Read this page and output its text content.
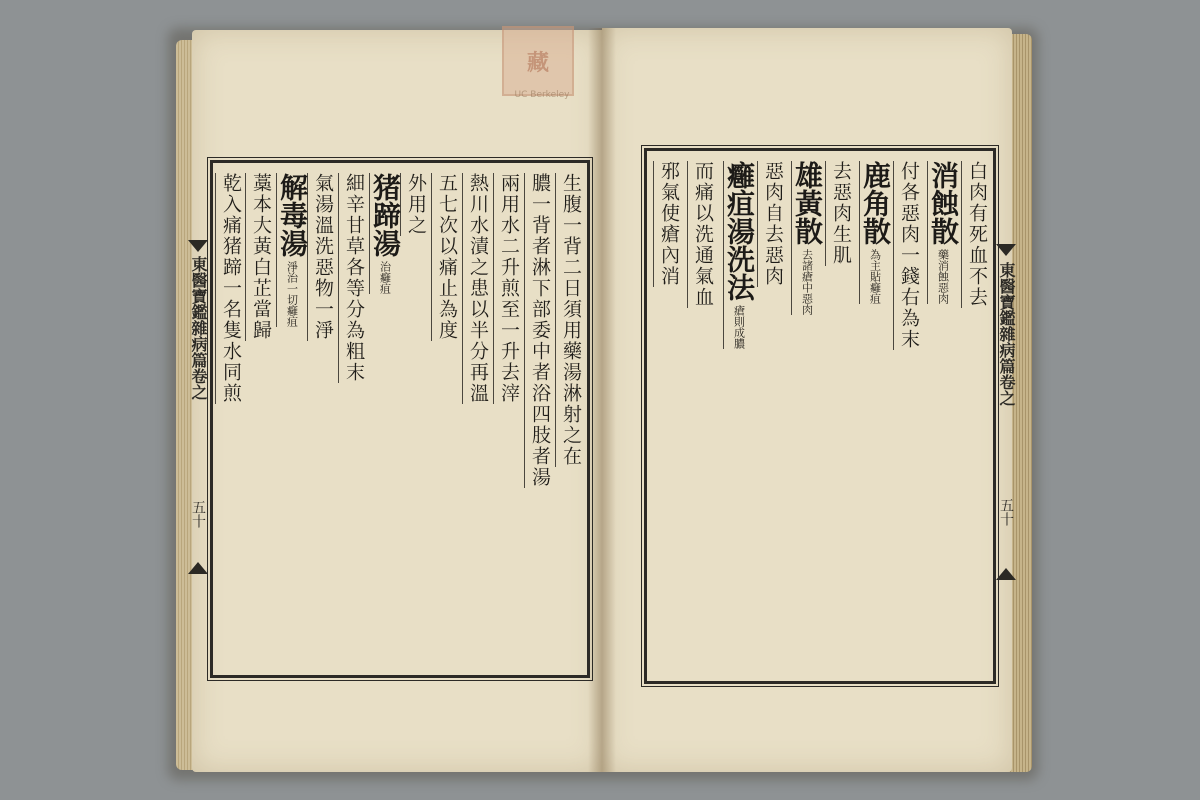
藏
UC Berkeley
東醫寶鑑雜病篇卷之	東醫寶鑑雜病篇卷之
五十	五十
生腹一背二日須用藥湯淋射之在
膿一背者淋下部委中者浴四肢者湯
兩用水二升煎至一升去滓
熱川水漬之患以半分再溫
五七次以痛止為度
外用之
猪蹄湯
治癰疽
細辛甘草各等分為粗末
氣湯溫洗惡物一淨
解毒湯
淨治一切癰疽
藁本大黃白芷當歸
乾入痛猪蹄一名隻水同煎	白肉有死血不去
消蝕散
藥消蝕惡肉
付各惡肉一錢右為末
鹿角散
為主貼癰疽
去惡肉生肌
雄黃散
去諸瘡中惡肉
惡肉自去惡肉
癰疽湯洗法
瘡則成膿
而痛以洗通氣血
邪氣使瘡內消
